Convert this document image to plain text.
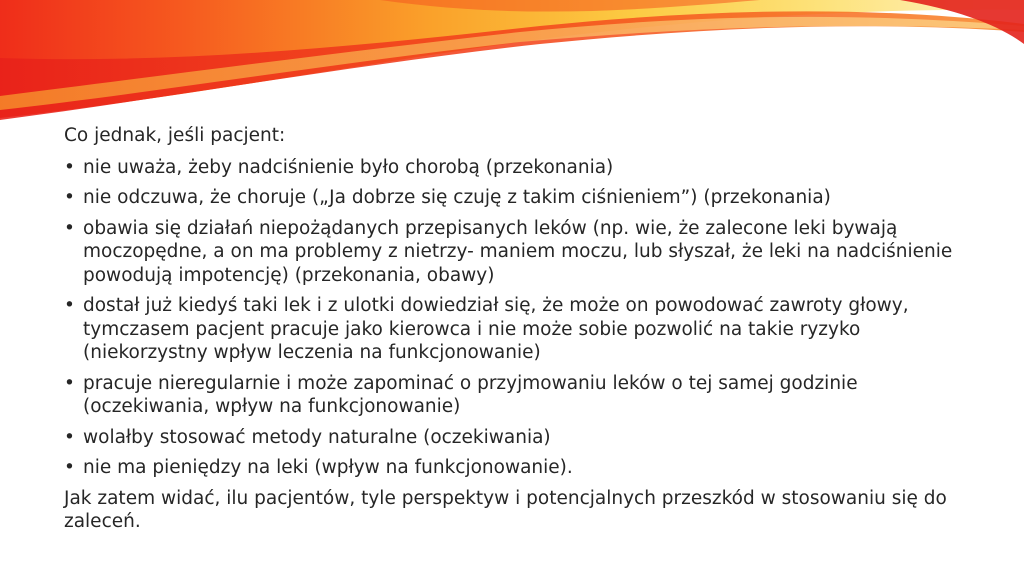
Co jednak, jeśli pacjent:

• nie uważa, żeby nadciśnienie było chorobą (przekonania)
• nie odczuwa, że choruje („Ja dobrze się czuję z takim ciśnieniem”) (przekonania)
• obawia się działań niepożądanych przepisanych leków (np. wie, że zalecone leki bywają moczopędne, a on ma problemy z nietrzy- maniem moczu, lub słyszał, że leki na nadciśnienie powodują impotencję) (przekonania, obawy)
• dostał już kiedyś taki lek i z ulotki dowiedział się, że może on powodować zawroty głowy, tymczasem pacjent pracuje jako kierowca i nie może sobie pozwolić na takie ryzyko (niekorzystny wpływ leczenia na funkcjonowanie)
• pracuje nieregularnie i może zapominać o przyjmowaniu leków o tej samej godzinie (oczekiwania, wpływ na funkcjonowanie)
• wolałby stosować metody naturalne (oczekiwania)
• nie ma pieniędzy na leki (wpływ na funkcjonowanie).

Jak zatem widać, ilu pacjentów, tyle perspektyw i potencjalnych przeszkód w stosowaniu się do zaleceń.
